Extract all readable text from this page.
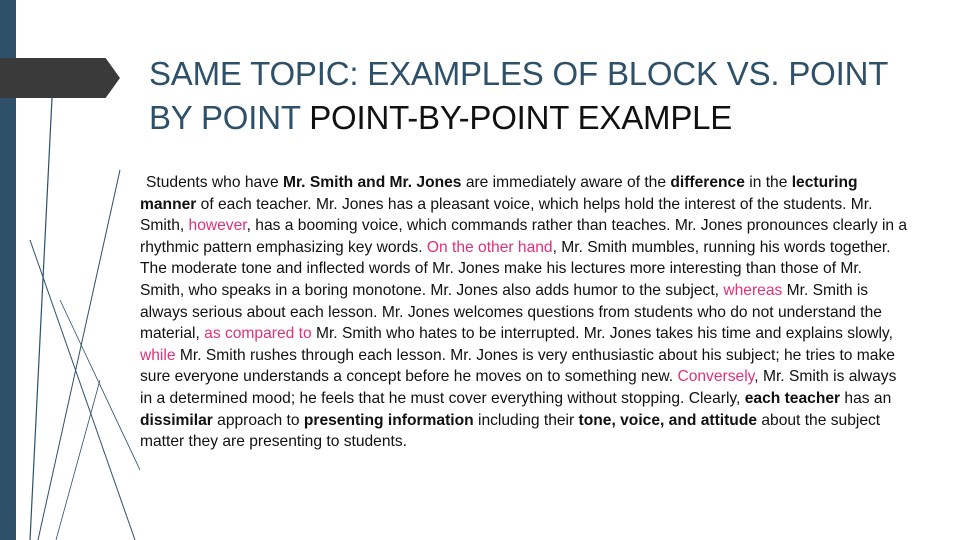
SAME TOPIC: EXAMPLES OF BLOCK VS. POINT BY POINT POINT-BY-POINT EXAMPLE

Students who have Mr. Smith and Mr. Jones are immediately aware of the difference in the lecturing manner of each teacher. Mr. Jones has a pleasant voice, which helps hold the interest of the students. Mr. Smith, however, has a booming voice, which commands rather than teaches. Mr. Jones pronounces clearly in a rhythmic pattern emphasizing key words. On the other hand, Mr. Smith mumbles, running his words together. The moderate tone and inflected words of Mr. Jones make his lectures more interesting than those of Mr. Smith, who speaks in a boring monotone. Mr. Jones also adds humor to the subject, whereas Mr. Smith is always serious about each lesson. Mr. Jones welcomes questions from students who do not understand the material, as compared to Mr. Smith who hates to be interrupted. Mr. Jones takes his time and explains slowly, while Mr. Smith rushes through each lesson. Mr. Jones is very enthusiastic about his subject; he tries to make sure everyone understands a concept before he moves on to something new. Conversely, Mr. Smith is always in a determined mood; he feels that he must cover everything without stopping. Clearly, each teacher has an dissimilar approach to presenting information including their tone, voice, and attitude about the subject matter they are presenting to students.
